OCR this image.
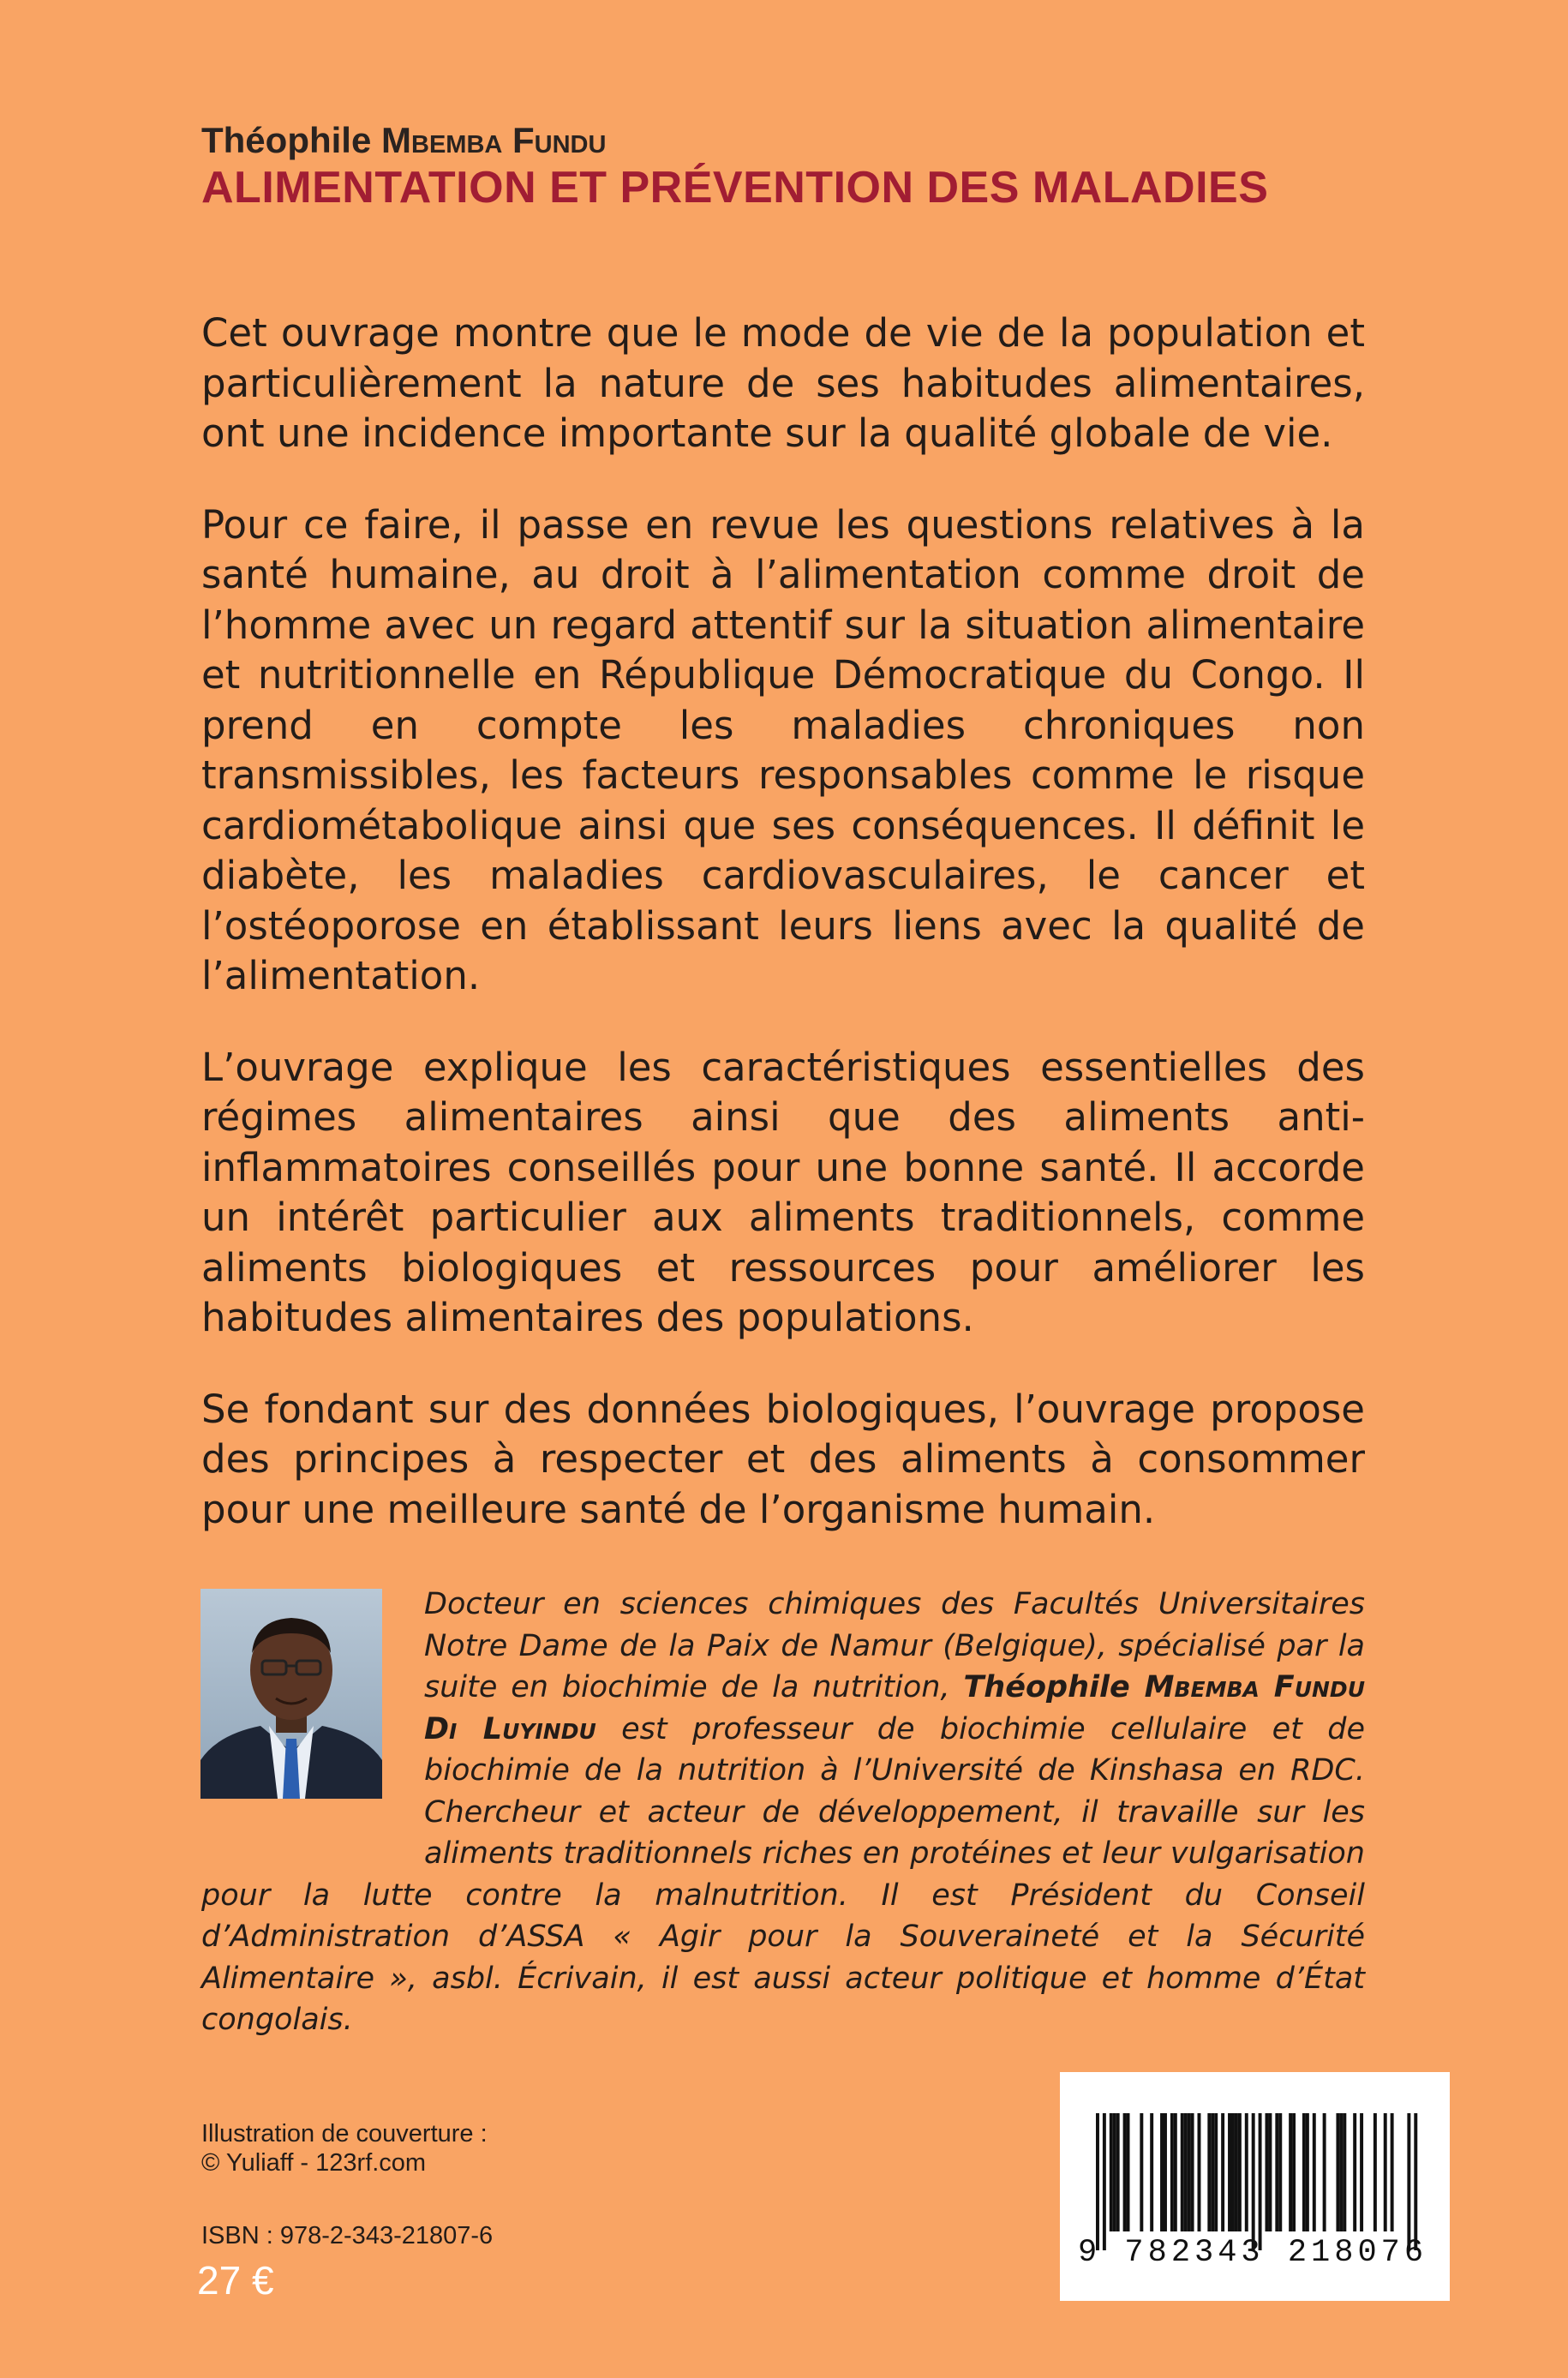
Théophile Mbemba Fundu
ALIMENTATION ET PRÉVENTION DES MALADIES

Cet ouvrage montre que le mode de vie de la population et particulièrement la nature de ses habitudes alimentaires, ont une incidence importante sur la qualité globale de vie.

Pour ce faire, il passe en revue les questions relatives à la santé humaine, au droit à l’alimentation comme droit de l’homme avec un regard attentif sur la situation alimentaire et nutritionnelle en République Démocratique du Congo. Il prend en compte les maladies chroniques non transmissibles, les facteurs responsables comme le risque cardiométabolique ainsi que ses conséquences. Il définit le diabète, les maladies cardiovasculaires, le cancer et l’ostéoporose en établissant leurs liens avec la qualité de l’alimentation.

L’ouvrage explique les caractéristiques essentielles des régimes alimentaires ainsi que des aliments anti-inflammatoires conseillés pour une bonne santé. Il accorde un intérêt particulier aux aliments traditionnels, comme aliments biologiques et ressources pour améliorer les habitudes alimentaires des populations.

Se fondant sur des données biologiques, l’ouvrage propose des principes à respecter et des aliments à consommer pour une meilleure santé de l’organisme humain.

Docteur en sciences chimiques des Facultés Universitaires Notre Dame de la Paix de Namur (Belgique), spécialisé par la suite en biochimie de la nutrition, Théophile Mbemba Fundu Di Luyindu est professeur de biochimie cellulaire et de biochimie de la nutrition à l’Université de Kinshasa en RDC. Chercheur et acteur de développement, il travaille sur les aliments traditionnels riches en protéines et leur vulgarisation pour la lutte contre la malnutrition. Il est Président du Conseil d’Administration d’ASSA « Agir pour la Souveraineté et la Sécurité Alimentaire », asbl. Écrivain, il est aussi acteur politique et homme d’État congolais.
Illustration de couverture :
© Yuliaff - 123rf.com
ISBN : 978-2-343-21807-6
27 €
9 782343 218076
